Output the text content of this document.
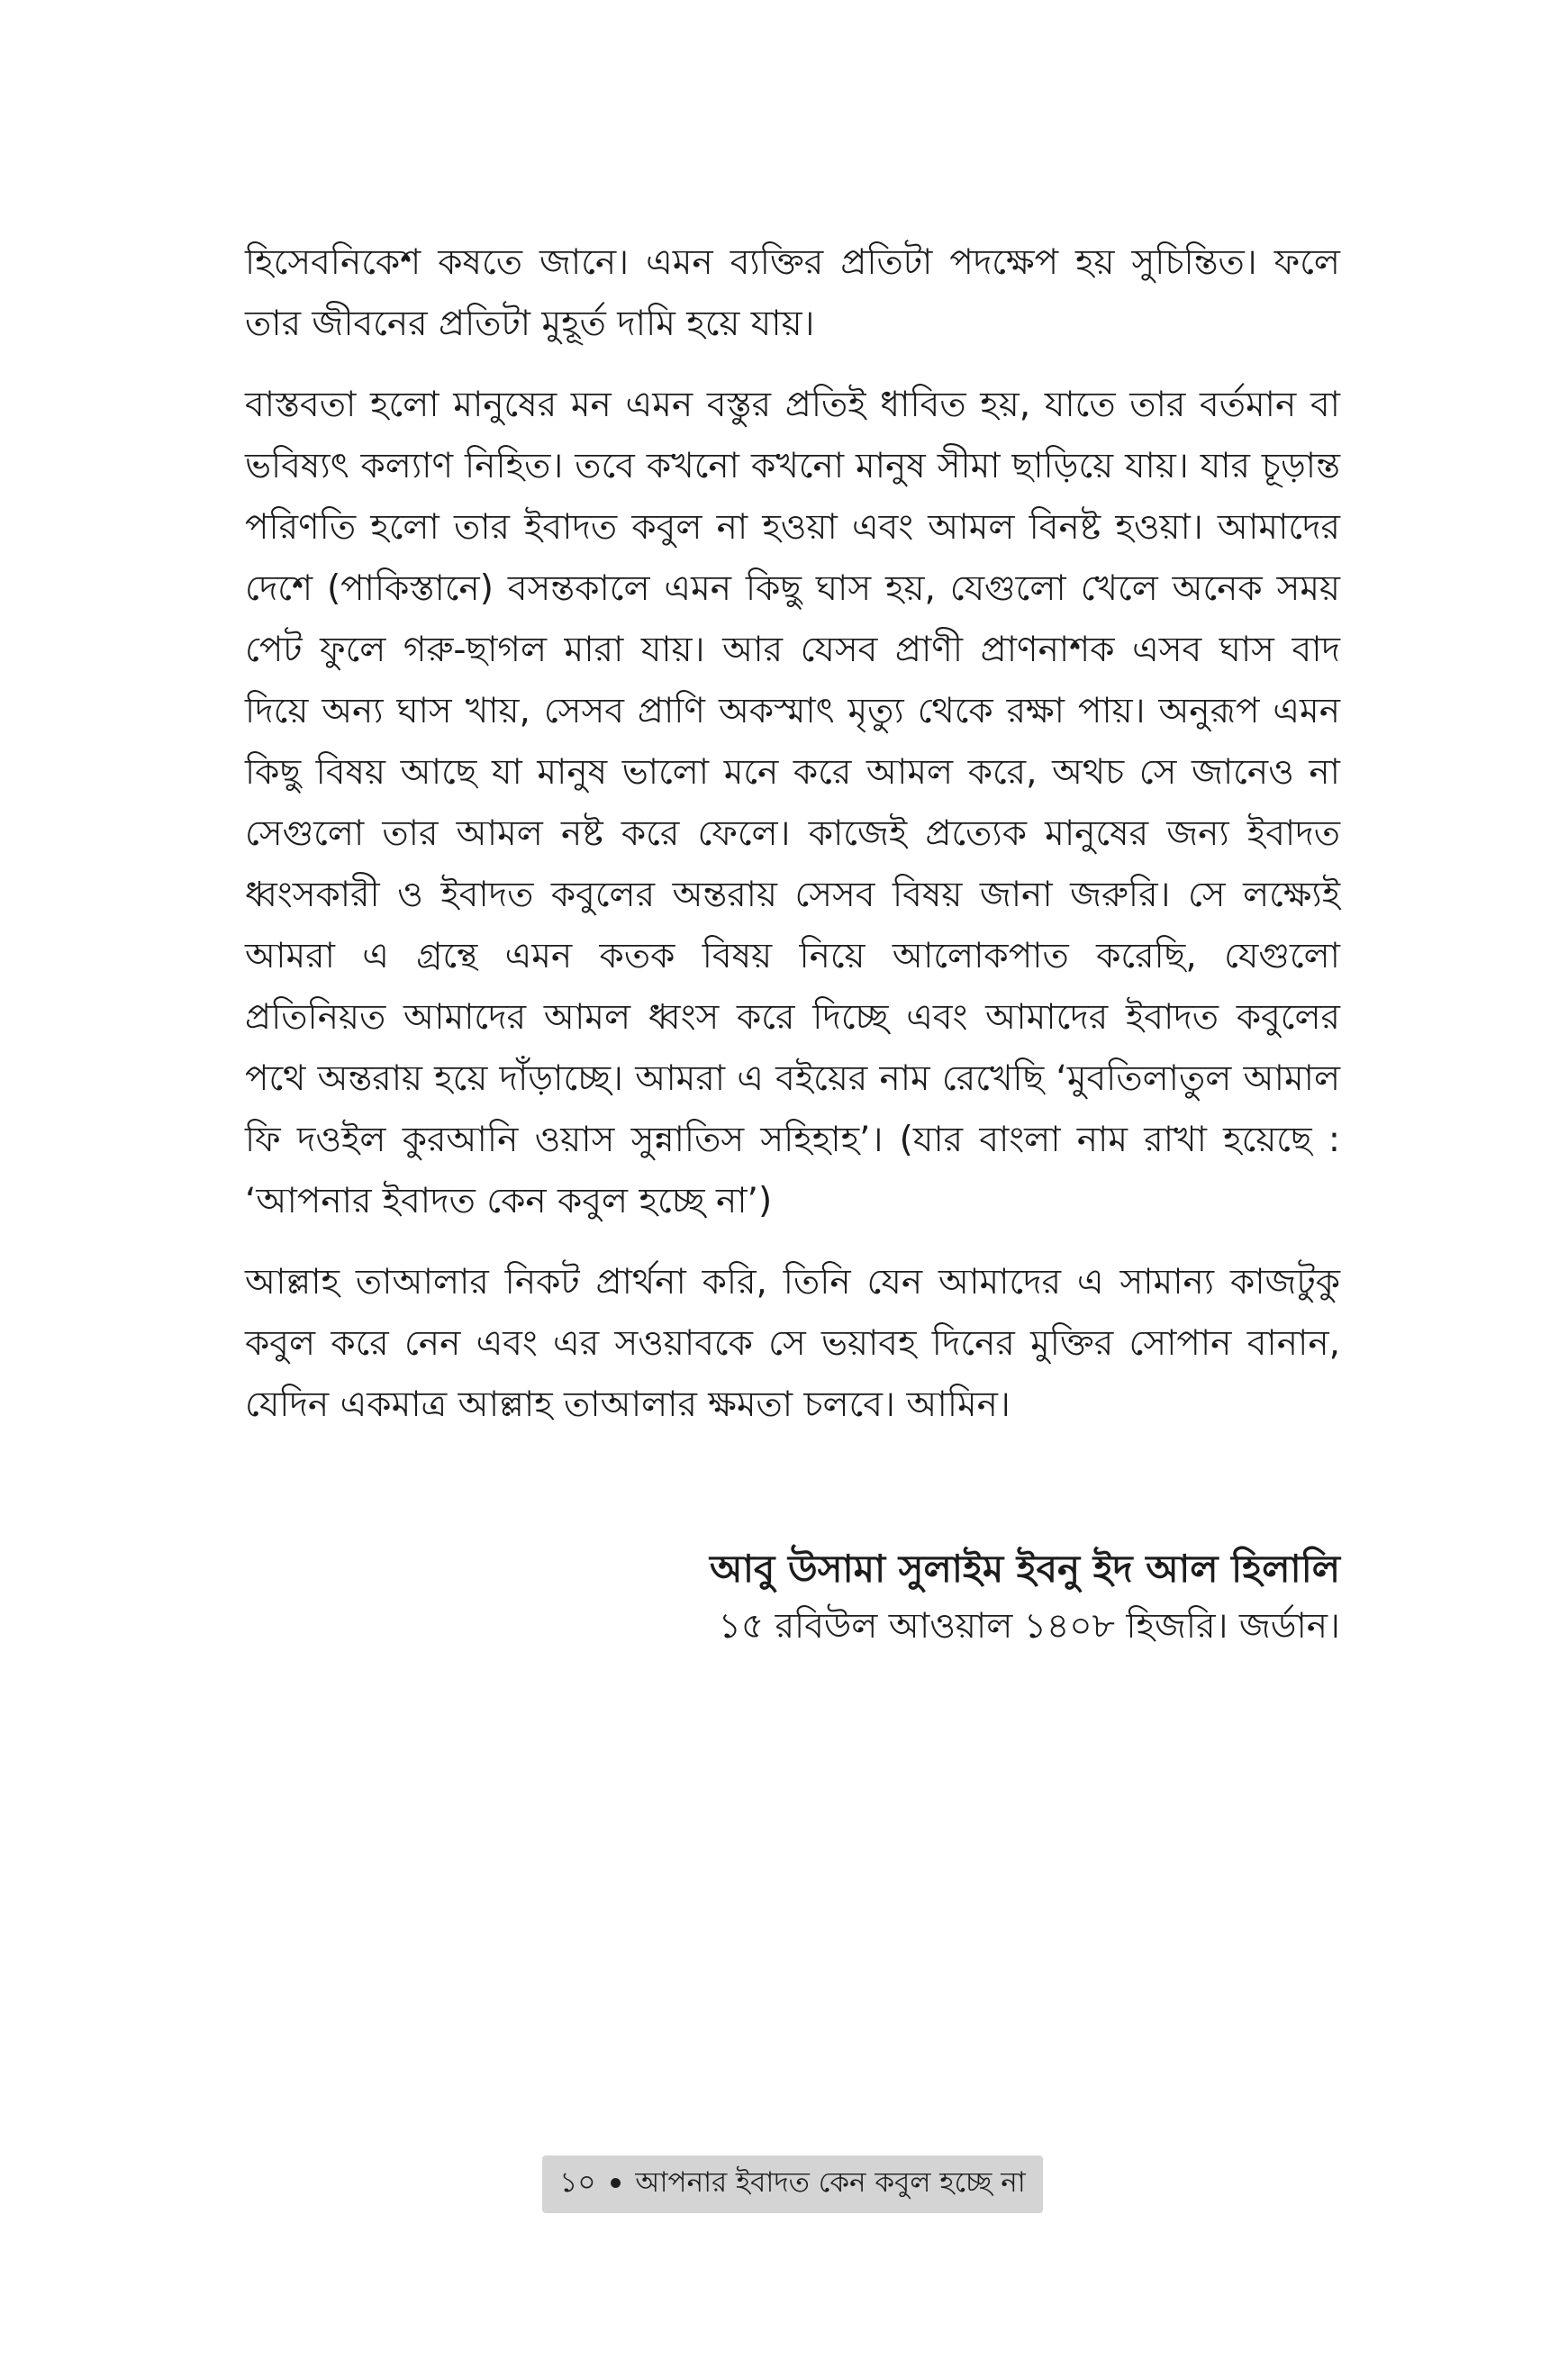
হিসেবনিকেশ কষতে জানে। এমন ব্যক্তির প্রতিটা পদক্ষেপ হয় সুচিন্তিত। ফলে তার জীবনের প্রতিটা মুহূর্ত দামি হয়ে যায়।

বাস্তবতা হলো মানুষের মন এমন বস্তুর প্রতিই ধাবিত হয়, যাতে তার বর্তমান বা ভবিষ্যৎ কল্যাণ নিহিত। তবে কখনো কখনো মানুষ সীমা ছাড়িয়ে যায়। যার চূড়ান্ত পরিণতি হলো তার ইবাদত কবুল না হওয়া এবং আমল বিনষ্ট হওয়া। আমাদের দেশে (পাকিস্তানে) বসন্তকালে এমন কিছু ঘাস হয়, যেগুলো খেলে অনেক সময় পেট ফুলে গরু-ছাগল মারা যায়। আর যেসব প্রাণী প্রাণনাশক এসব ঘাস বাদ দিয়ে অন্য ঘাস খায়, সেসব প্রাণি অকস্মাৎ মৃত্যু থেকে রক্ষা পায়। অনুরূপ এমন কিছু বিষয় আছে যা মানুষ ভালো মনে করে আমল করে, অথচ সে জানেও না সেগুলো তার আমল নষ্ট করে ফেলে। কাজেই প্রত্যেক মানুষের জন্য ইবাদত ধ্বংসকারী ও ইবাদত কবুলের অন্তরায় সেসব বিষয় জানা জরুরি। সে লক্ষ্যেই আমরা এ গ্রন্থে এমন কতক বিষয় নিয়ে আলোকপাত করেছি, যেগুলো প্রতিনিয়ত আমাদের আমল ধ্বংস করে দিচ্ছে এবং আমাদের ইবাদত কবুলের পথে অন্তরায় হয়ে দাঁড়াচ্ছে। আমরা এ বইয়ের নাম রেখেছি ‘মুবতিলাতুল আমাল ফি দওইল কুরআনি ওয়াস সুন্নাতিস সহিহাহ’। (যার বাংলা নাম রাখা হয়েছে : ‘আপনার ইবাদত কেন কবুল হচ্ছে না’)

আল্লাহ তাআলার নিকট প্রার্থনা করি, তিনি যেন আমাদের এ সামান্য কাজটুকু কবুল করে নেন এবং এর সওয়াবকে সে ভয়াবহ দিনের মুক্তির সোপান বানান, যেদিন একমাত্র আল্লাহ তাআলার ক্ষমতা চলবে। আমিন।

আবু উসামা সুলাইম ইবনু ইদ আল হিলালি
১৫ রবিউল আওয়াল ১৪০৮ হিজরি। জর্ডান।
১০ • আপনার ইবাদত কেন কবুল হচ্ছে না
